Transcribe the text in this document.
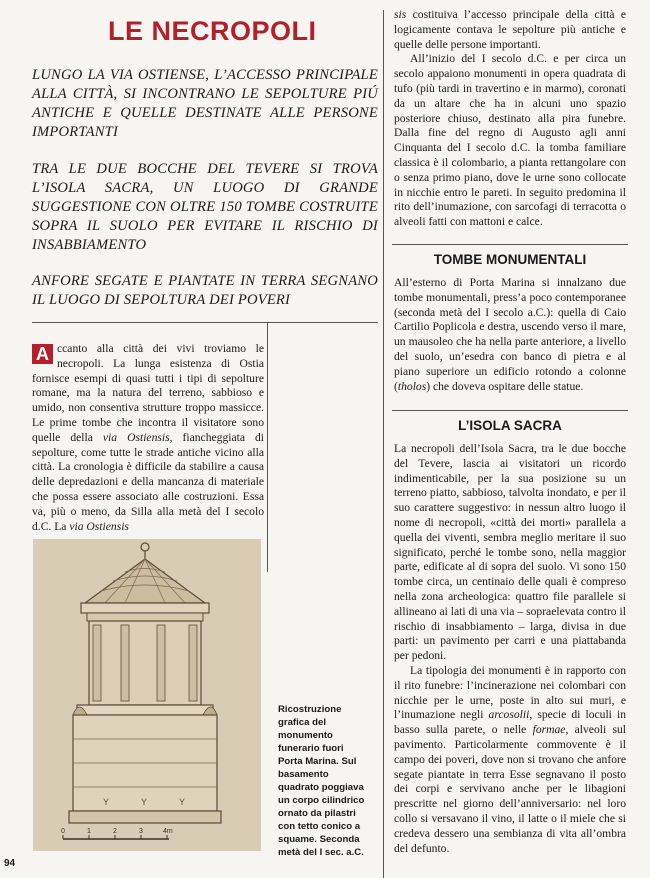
LE NECROPOLI
LUNGO LA VIA OSTIENSE, L’ACCESSO PRINCIPALE ALLA CITTÀ, SI INCONTRANO LE SEPOLTURE PIÚ ANTICHE E QUELLE DESTINATE ALLE PERSONE IMPORTANTI
TRA LE DUE BOCCHE DEL TEVERE SI TROVA L’ISOLA SACRA, UN LUOGO DI GRANDE SUGGESTIONE CON OLTRE 150 TOMBE COSTRUITE SOPRA IL SUOLO PER EVITARE IL RISCHIO DI INSABBIAMENTO
ANFORE SEGATE E PIANTATE IN TERRA SEGNANO IL LUOGO DI SEPOLTURA DEI POVERI
A ccanto alla città dei vivi troviamo le necropoli. La lunga esistenza di Ostia fornisce esempi di quasi tutti i tipi di sepolture romane, ma la natura del terreno, sabbioso e umido, non consentiva strutture troppo massicce. Le prime tombe che incontra il visitatore sono quelle della via Ostiensis, fiancheggiata di sepolture, come tutte le strade antiche vicino alla città. La cronologia è difficile da stabilire a causa delle depredazioni e della mancanza di materiale che possa essere associato alle costruzioni. Essa va, più o meno, da Silla alla metà del I secolo d.C. La via Ostiensis
Y	Y	Y
0	1	2	3	4m
Ricostruzione grafica del monumento funerario fuori Porta Marina. Sul basamento quadrato poggiava un corpo cilindrico ornato da pilastri con tetto conico a squame. Seconda metà del I sec. a.C.
94

sis costituiva l’accesso principale della città e logicamente contava le sepolture più antiche e quelle delle persone importanti.

All’inizio del I secolo d.C. e per circa un secolo appaiono monumenti in opera quadrata di tufo (più tardi in travertino e in marmo), coronati da un altare che ha in alcuni uno spazio posteriore chiuso, destinato alla pira funebre. Dalla fine del regno di Augusto agli anni Cinquanta del I secolo d.C. la tomba familiare classica è il colombario, a pianta rettangolare con o senza primo piano, dove le urne sono collocate in nicchie entro le pareti. In seguito predomina il rito dell’inumazione, con sarcofagi di terracotta o alveoli fatti con mattoni e calce.

TOMBE MONUMENTALI

All’esterno di Porta Marina si innalzano due tombe monumentali, press’a poco contemporanee (seconda metà del I secolo a.C.): quella di Caio Cartilio Poplicola e destra, uscendo verso il mare, un mausoleo che ha nella parte anteriore, a livello del suolo, un’esedra con banco di pietra e al piano superiore un edificio rotondo a colonne (tholos) che doveva ospitare delle statue.

L’ISOLA SACRA

La necropoli dell’Isola Sacra, tra le due bocche del Tevere, lascia ai visitatori un ricordo indimenticabile, per la sua posizione su un terreno piatto, sabbioso, talvolta inondato, e per il suo carattere suggestivo: in nessun altro luogo il nome di necropoli, «città dei morti» parallela a quella dei viventi, sembra meglio meritare il suo significato, perché le tombe sono, nella maggior parte, edificate al di sopra del suolo. Vi sono 150 tombe circa, un centinaio delle quali è compreso nella zona archeologica: quattro file parallele si allineano ai lati di una via – sopraelevata contro il rischio di insabbiamento – larga, divisa in due parti: un pavimento per carri e una piattabanda per pedoni.

La tipologia dei monumenti è in rapporto con il rito funebre: l’incinerazione nei colombari con nicchie per le urne, poste in alto sui muri, e l’inumazione negli arcosolii, specie di loculi in basso sulla parete, o nelle formae, alveoli sul pavimento. Particolarmente commovente è il campo dei poveri, dove non si trovano che anfore segate piantate in terra Esse segnavano il posto dei corpi e servivano anche per le libagioni prescritte nel giorno dell’anniversario: nel loro collo si versavano il vino, il latte o il miele che si credeva dessero una sembianza di vita all’ombra del defunto.
